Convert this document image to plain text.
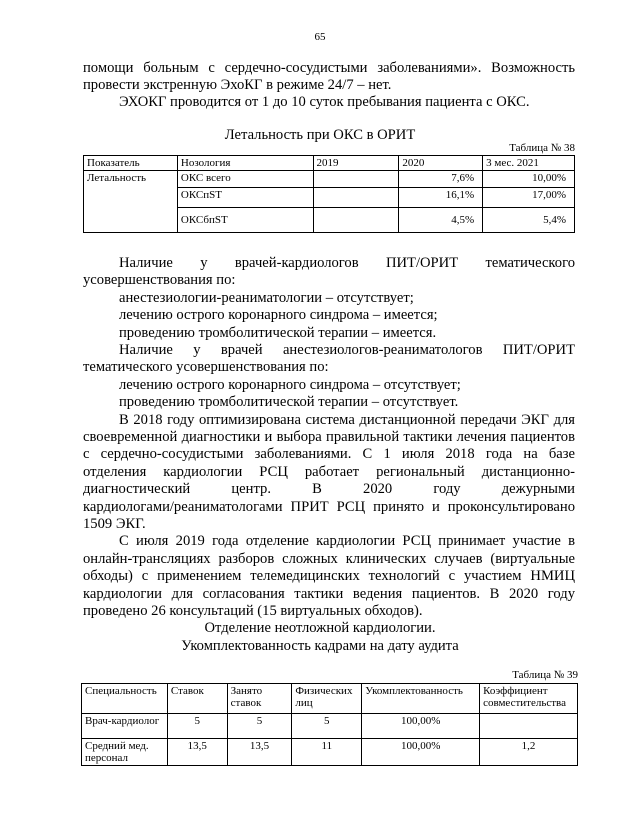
65

помощи больным с сердечно-сосудистыми заболеваниями». Возможность

провести экстренную ЭхоКГ в режиме 24/7 – нет.

ЭХОКГ проводится от 1 до 10 суток пребывания пациента с ОКС.

Летальность при ОКС в ОРИТ
Таблица № 38
Показатель	Нозология	2019	2020	3 мес. 2021
Летальность	ОКС всего		7,6%	10,00%
	ОКСпST		16,1%	17,00%
	ОКСбпST		4,5%	5,4%

Наличие у врачей-кардиологов ПИТ/ОРИТ тематического

усовершенствования по:

анестезиологии-реаниматологии – отсутствует;

лечению острого коронарного синдрома – имеется;

проведению тромболитической терапии – имеется.

Наличие у врачей анестезиологов-реаниматологов ПИТ/ОРИТ

тематического усовершенствования по:

лечению острого коронарного синдрома – отсутствует;

проведению тромболитической терапии – отсутствует.

В 2018 году оптимизирована система дистанционной передачи ЭКГ для

своевременной диагностики и выбора правильной тактики лечения пациентов

с сердечно-сосудистыми заболеваниями. С 1 июля 2018 года на базе

отделения кардиологии РСЦ работает региональный дистанционно-

диагностический центр. В 2020 году дежурными

кардиологами/реаниматологами ПРИТ РСЦ принято и проконсультировано

1509 ЭКГ.

С июля 2019 года отделение кардиологии РСЦ принимает участие в

онлайн-трансляциях разборов сложных клинических случаев (виртуальные

обходы) с применением телемедицинских технологий с участием НМИЦ

кардиологии для согласования тактики ведения пациентов. В 2020 году

проведено 26 консультаций (15 виртуальных обходов).

Отделение неотложной кардиологии.
Укомплектованность кадрами на дату аудита
Таблица № 39
Специальность	Ставок	Занято ставок	Физических лиц	Укомплектованность	Коэффициент совместительства
Врач-кардиолог	5	5	5	100,00%	
Средний мед. персонал	13,5	13,5	11	100,00%	1,2
